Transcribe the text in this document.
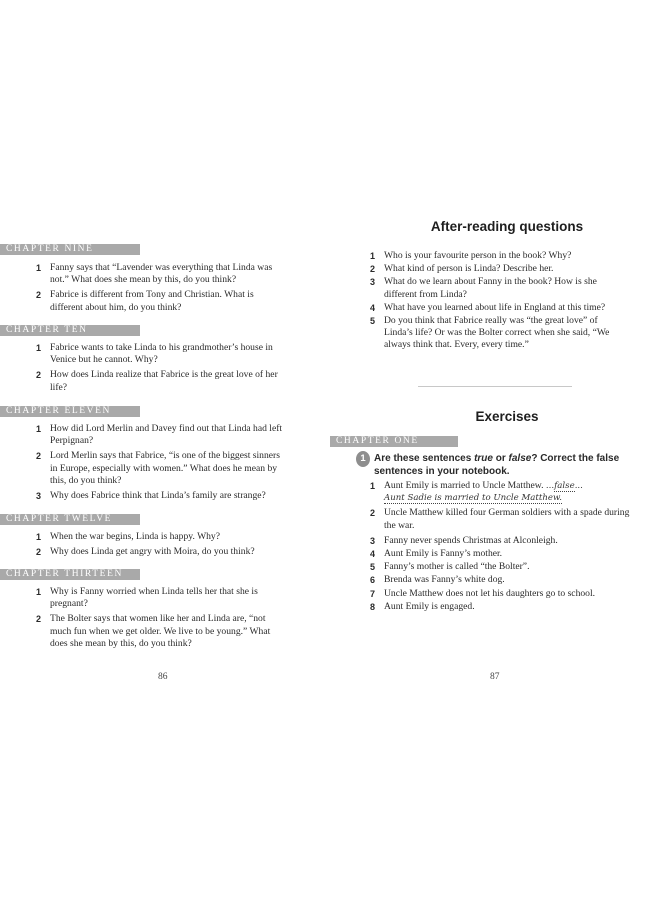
CHAPTER NINE
1 Fanny says that “Lavender was everything that Linda was not.” What does she mean by this, do you think?
2 Fabrice is different from Tony and Christian. What is different about him, do you think?
CHAPTER TEN
1 Fabrice wants to take Linda to his grandmother’s house in Venice but he cannot. Why?
2 How does Linda realize that Fabrice is the great love of her life?
CHAPTER ELEVEN
1 How did Lord Merlin and Davey find out that Linda had left Perpignan?
2 Lord Merlin says that Fabrice, “is one of the biggest sinners in Europe, especially with women.” What does he mean by this, do you think?
3 Why does Fabrice think that Linda’s family are strange?
CHAPTER TWELVE
1 When the war begins, Linda is happy. Why?
2 Why does Linda get angry with Moira, do you think?
CHAPTER THIRTEEN
1 Why is Fanny worried when Linda tells her that she is pregnant?
2 The Bolter says that women like her and Linda are, “not much fun when we get older. We live to be young.” What does she mean by this, do you think?
86
After-reading questions
1 Who is your favourite person in the book? Why?
2 What kind of person is Linda? Describe her.
3 What do we learn about Fanny in the book? How is she different from Linda?
4 What have you learned about life in England at this time?
5 Do you think that Fabrice really was “the great love” of Linda’s life? Or was the Bolter correct when she said, “We always think that. Every, every time.”
Exercises
CHAPTER ONE
1 Are these sentences true or false? Correct the false sentences in your notebook.
1 Aunt Emily is married to Uncle Matthew. ...false...
Aunt Sadie is married to Uncle Matthew.
2 Uncle Matthew killed four German soldiers with a spade during the war.
3 Fanny never spends Christmas at Alconleigh.
4 Aunt Emily is Fanny’s mother.
5 Fanny’s mother is called “the Bolter”.
6 Brenda was Fanny’s white dog.
7 Uncle Matthew does not let his daughters go to school.
8 Aunt Emily is engaged.
87
